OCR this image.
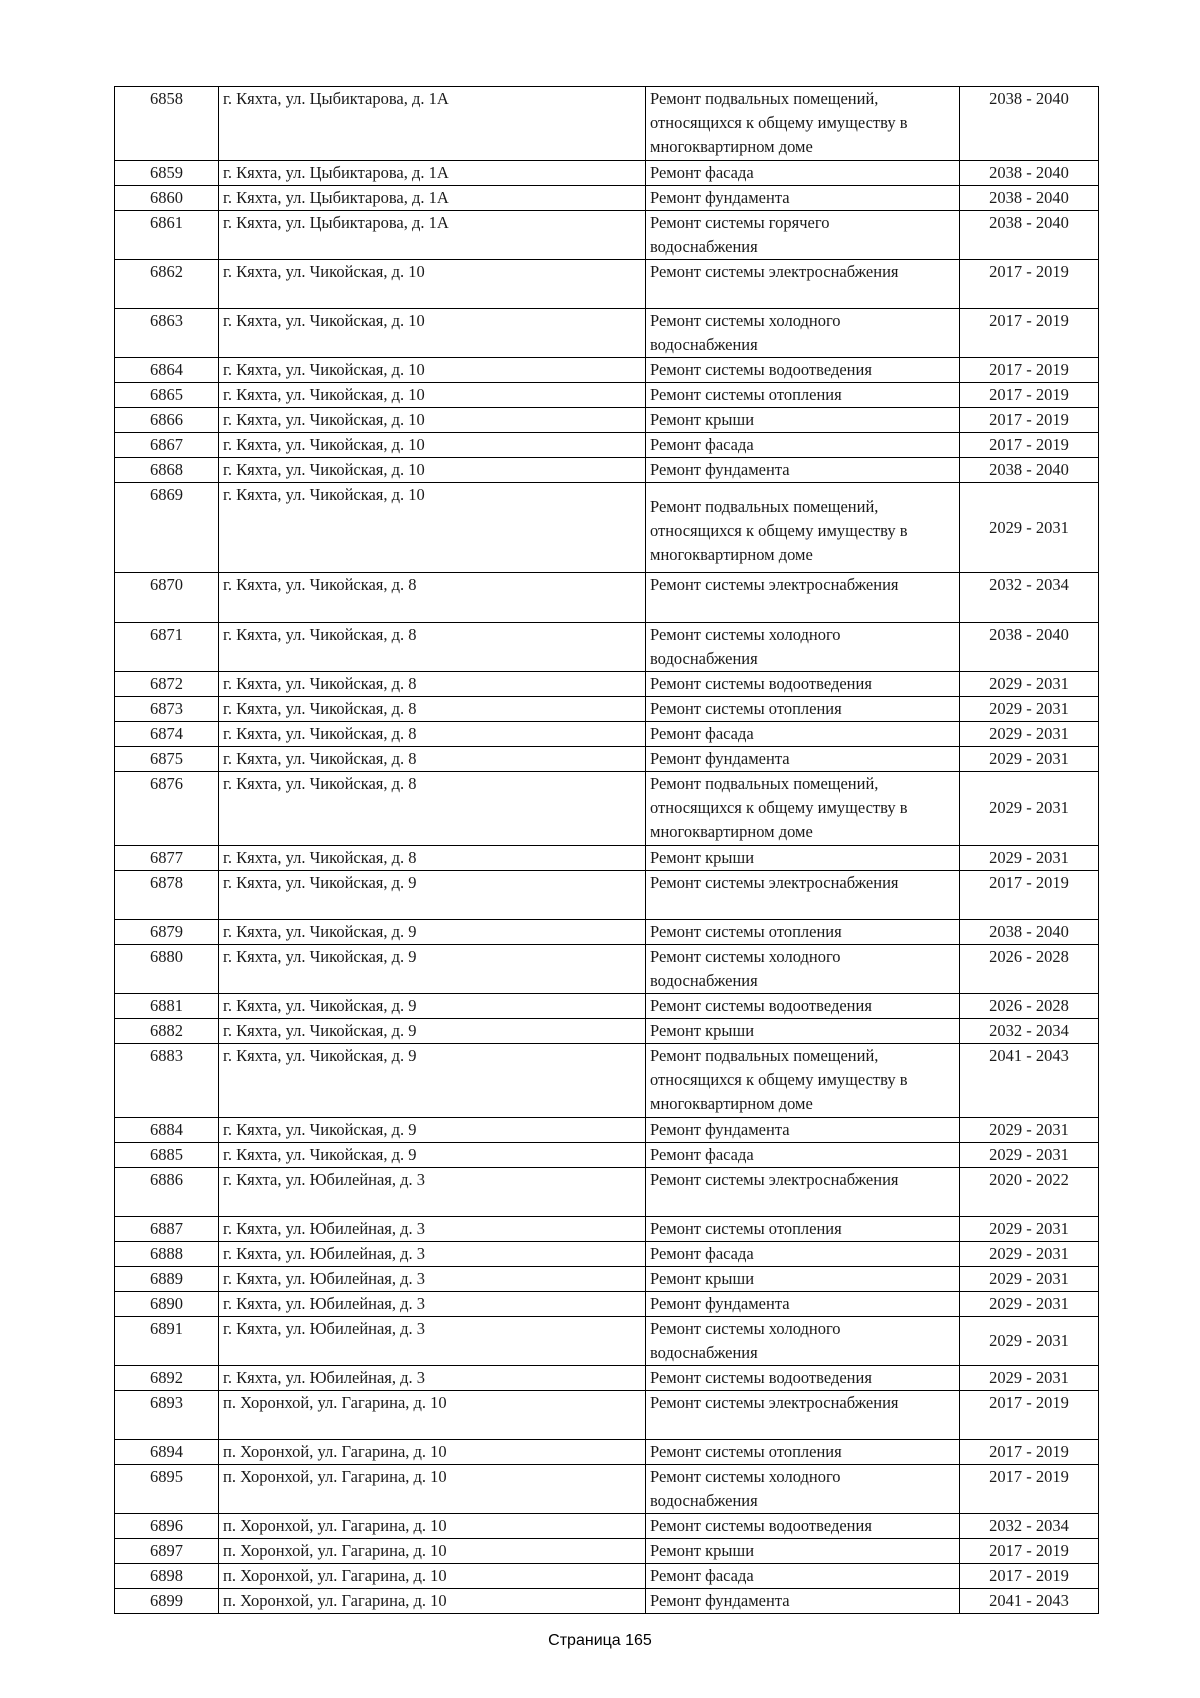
6858	г. Кяхта, ул. Цыбиктарова, д. 1А	Ремонт подвальных помещений,
относящихся к общему имуществу в
многоквартирном доме	2038 - 2040
6859	г. Кяхта, ул. Цыбиктарова, д. 1А	Ремонт фасада	2038 - 2040
6860	г. Кяхта, ул. Цыбиктарова, д. 1А	Ремонт фундамента	2038 - 2040
6861	г. Кяхта, ул. Цыбиктарова, д. 1А	Ремонт системы горячего
водоснабжения	2038 - 2040
6862	г. Кяхта, ул. Чикойская, д. 10	Ремонт системы электроснабжения	2017 - 2019
6863	г. Кяхта, ул. Чикойская, д. 10	Ремонт системы холодного
водоснабжения	2017 - 2019
6864	г. Кяхта, ул. Чикойская, д. 10	Ремонт системы водоотведения	2017 - 2019
6865	г. Кяхта, ул. Чикойская, д. 10	Ремонт системы отопления	2017 - 2019
6866	г. Кяхта, ул. Чикойская, д. 10	Ремонт крыши	2017 - 2019
6867	г. Кяхта, ул. Чикойская, д. 10	Ремонт фасада	2017 - 2019
6868	г. Кяхта, ул. Чикойская, д. 10	Ремонт фундамента	2038 - 2040
6869	г. Кяхта, ул. Чикойская, д. 10	Ремонт подвальных помещений,
относящихся к общему имуществу в
многоквартирном доме	2029 - 2031
6870	г. Кяхта, ул. Чикойская, д. 8	Ремонт системы электроснабжения	2032 - 2034
6871	г. Кяхта, ул. Чикойская, д. 8	Ремонт системы холодного
водоснабжения	2038 - 2040
6872	г. Кяхта, ул. Чикойская, д. 8	Ремонт системы водоотведения	2029 - 2031
6873	г. Кяхта, ул. Чикойская, д. 8	Ремонт системы отопления	2029 - 2031
6874	г. Кяхта, ул. Чикойская, д. 8	Ремонт фасада	2029 - 2031
6875	г. Кяхта, ул. Чикойская, д. 8	Ремонт фундамента	2029 - 2031
6876	г. Кяхта, ул. Чикойская, д. 8	Ремонт подвальных помещений,
относящихся к общему имуществу в
многоквартирном доме	2029 - 2031
6877	г. Кяхта, ул. Чикойская, д. 8	Ремонт крыши	2029 - 2031
6878	г. Кяхта, ул. Чикойская, д. 9	Ремонт системы электроснабжения	2017 - 2019
6879	г. Кяхта, ул. Чикойская, д. 9	Ремонт системы отопления	2038 - 2040
6880	г. Кяхта, ул. Чикойская, д. 9	Ремонт системы холодного
водоснабжения	2026 - 2028
6881	г. Кяхта, ул. Чикойская, д. 9	Ремонт системы водоотведения	2026 - 2028
6882	г. Кяхта, ул. Чикойская, д. 9	Ремонт крыши	2032 - 2034
6883	г. Кяхта, ул. Чикойская, д. 9	Ремонт подвальных помещений,
относящихся к общему имуществу в
многоквартирном доме	2041 - 2043
6884	г. Кяхта, ул. Чикойская, д. 9	Ремонт фундамента	2029 - 2031
6885	г. Кяхта, ул. Чикойская, д. 9	Ремонт фасада	2029 - 2031
6886	г. Кяхта, ул. Юбилейная, д. 3	Ремонт системы электроснабжения	2020 - 2022
6887	г. Кяхта, ул. Юбилейная, д. 3	Ремонт системы отопления	2029 - 2031
6888	г. Кяхта, ул. Юбилейная, д. 3	Ремонт фасада	2029 - 2031
6889	г. Кяхта, ул. Юбилейная, д. 3	Ремонт крыши	2029 - 2031
6890	г. Кяхта, ул. Юбилейная, д. 3	Ремонт фундамента	2029 - 2031
6891	г. Кяхта, ул. Юбилейная, д. 3	Ремонт системы холодного
водоснабжения	2029 - 2031
6892	г. Кяхта, ул. Юбилейная, д. 3	Ремонт системы водоотведения	2029 - 2031
6893	п. Хоронхой, ул. Гагарина, д. 10	Ремонт системы электроснабжения	2017 - 2019
6894	п. Хоронхой, ул. Гагарина, д. 10	Ремонт системы отопления	2017 - 2019
6895	п. Хоронхой, ул. Гагарина, д. 10	Ремонт системы холодного
водоснабжения	2017 - 2019
6896	п. Хоронхой, ул. Гагарина, д. 10	Ремонт системы водоотведения	2032 - 2034
6897	п. Хоронхой, ул. Гагарина, д. 10	Ремонт крыши	2017 - 2019
6898	п. Хоронхой, ул. Гагарина, д. 10	Ремонт фасада	2017 - 2019
6899	п. Хоронхой, ул. Гагарина, д. 10	Ремонт фундамента	2041 - 2043
Страница 165
